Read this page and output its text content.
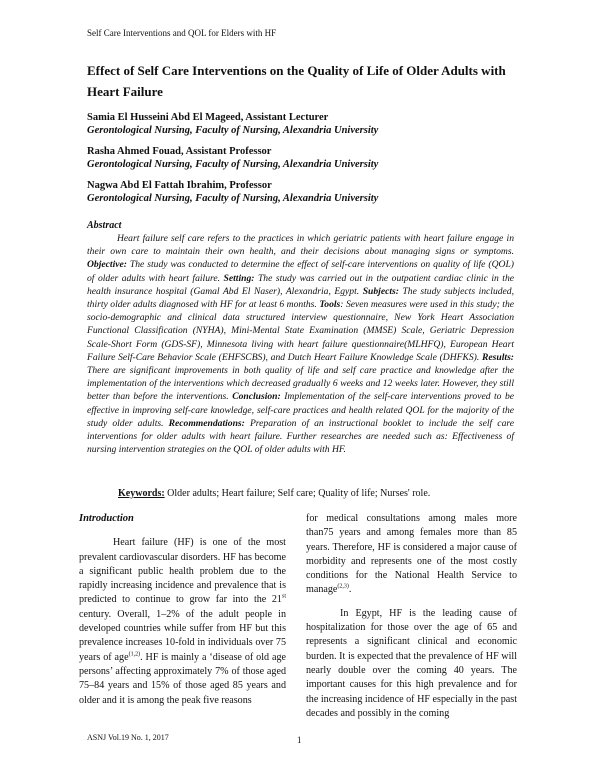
Self Care Interventions and QOL for Elders with HF
Effect of Self Care Interventions on the Quality of Life of Older Adults with Heart Failure
Samia El Husseini Abd El Mageed, Assistant Lecturer
Gerontological Nursing, Faculty of Nursing, Alexandria University
Rasha Ahmed Fouad, Assistant Professor
Gerontological Nursing, Faculty of Nursing, Alexandria University
Nagwa Abd El Fattah Ibrahim, Professor
Gerontological Nursing, Faculty of Nursing, Alexandria University
Abstract

Heart failure self care refers to the practices in which geriatric patients with heart failure engage in their own care to maintain their own health, and their decisions about managing signs or symptoms. Objective: The study was conducted to determine the effect of self-care interventions on quality of life (QOL) of older adults with heart failure. Setting: The study was carried out in the outpatient cardiac clinic in the health insurance hospital (Gamal Abd El Naser), Alexandria, Egypt. Subjects: The study subjects included, thirty older adults diagnosed with HF for at least 6 months. Tools: Seven measures were used in this study; the socio-demographic and clinical data structured interview questionnaire, New York Heart Association Functional Classification (NYHA), Mini-Mental State Examination (MMSE) Scale, Geriatric Depression Scale-Short Form (GDS-SF), Minnesota living with heart failure questionnaire(MLHFQ), European Heart Failure Self-Care Behavior Scale (EHFSCBS), and Dutch Heart Failure Knowledge Scale (DHFKS). Results: There are significant improvements in both quality of life and self care practice and knowledge after the implementation of the interventions which decreased gradually 6 weeks and 12 weeks later. However, they still better than before the interventions. Conclusion: Implementation of the self-care interventions proved to be effective in improving self-care knowledge, self-care practices and health related QOL for the majority of the study older adults. Recommendations: Preparation of an instructional booklet to include the self care interventions for older adults with heart failure. Further researches are needed such as: Effectiveness of nursing intervention strategies on the QOL of older adults with HF.

Keywords: Older adults; Heart failure; Self care; Quality of life; Nurses' role.
Introduction

Heart failure (HF) is one of the most prevalent cardiovascular disorders. HF has become a significant public health problem due to the rapidly increasing incidence and prevalence that is predicted to continue to grow far into the 21st century. Overall, 1–2% of the adult people in developed countries while suffer from HF but this prevalence increases 10-fold in individuals over 75 years of age$^{(1,2)}$. HF is mainly a ‘disease of old age persons’ affecting approximately 7% of those aged 75–84 years and 15% of those aged 85 years and older and it is among the peak five reasons

for medical consultations among males more than75 years and among females more than 85 years. Therefore, HF is considered a major cause of morbidity and represents one of the most costly conditions for the National Health Service to manage$^{(2,3)}$.

In Egypt, HF is the leading cause of hospitalization for those over the age of 65 and represents a significant clinical and economic burden. It is expected that the prevalence of HF will nearly double over the coming 40 years. The important causes for this high prevalence and for the increasing incidence of HF especially in the past decades and possibly in the coming

ASNJ Vol.19 No. 1, 2017	1
